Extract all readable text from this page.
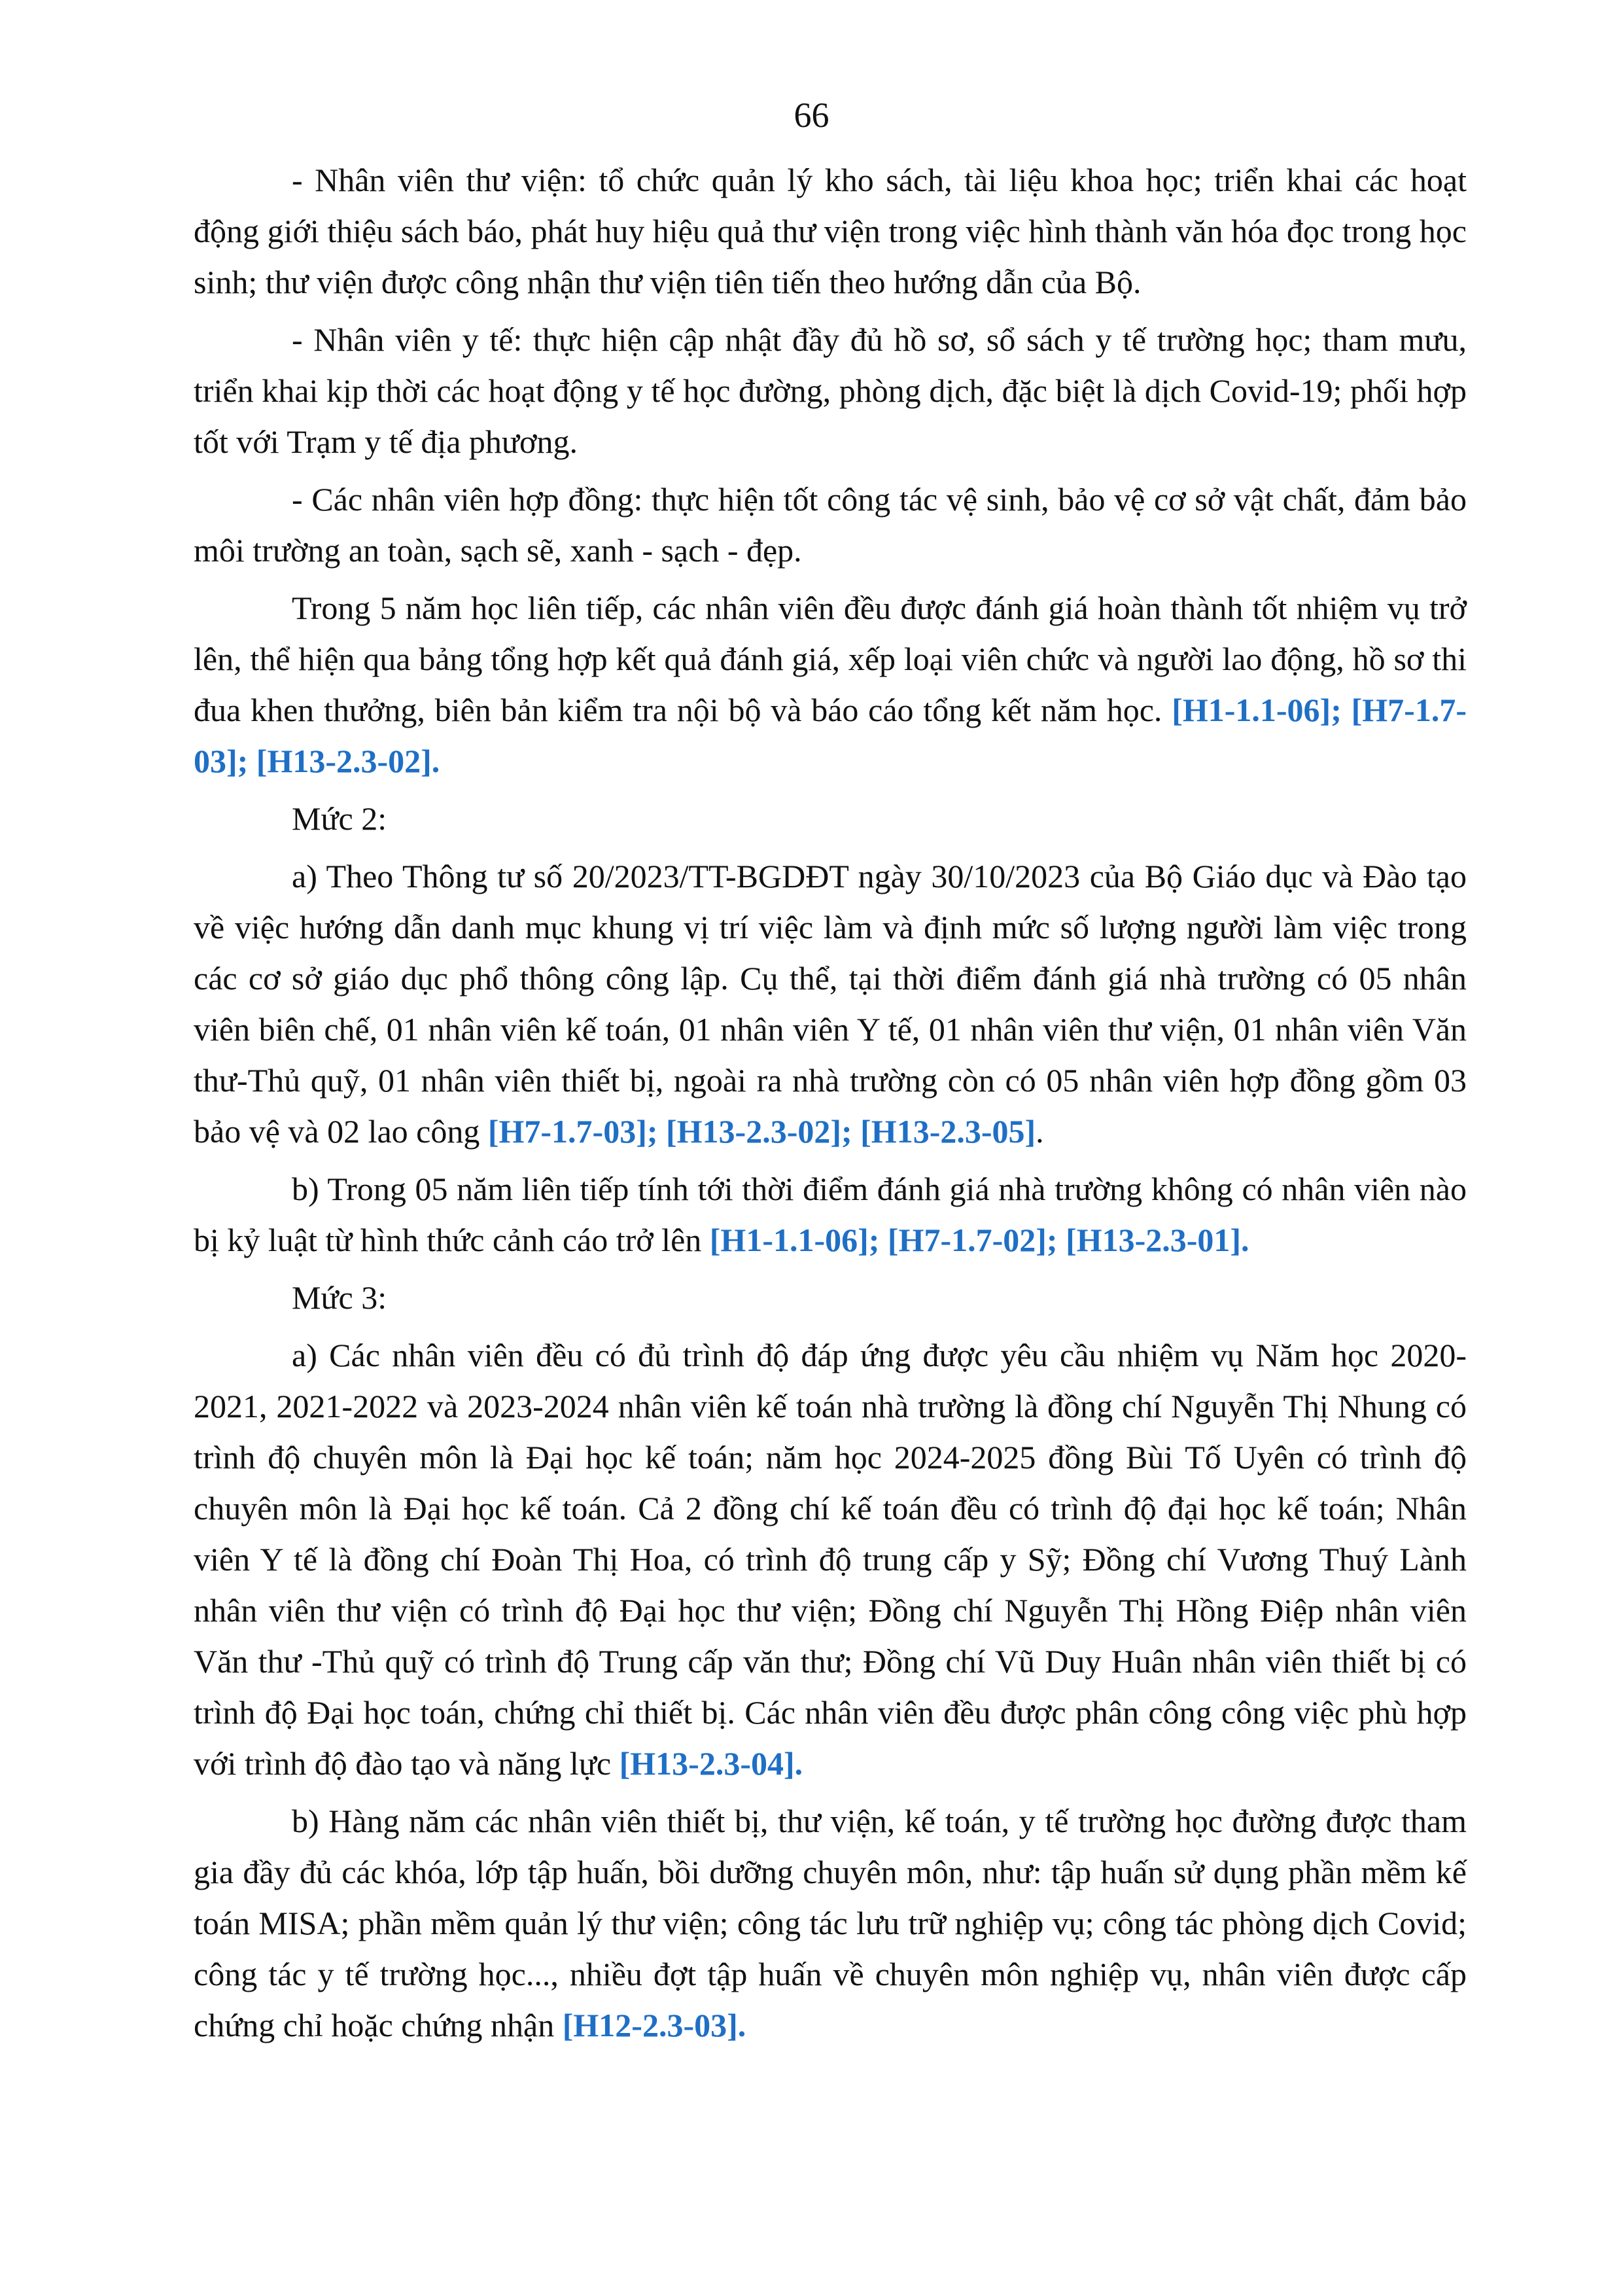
66

- Nhân viên thư viện: tổ chức quản lý kho sách, tài liệu khoa học; triển khai các hoạt động giới thiệu sách báo, phát huy hiệu quả thư viện trong việc hình thành văn hóa đọc trong học sinh; thư viện được công nhận thư viện tiên tiến theo hướng dẫn của Bộ.

- Nhân viên y tế: thực hiện cập nhật đầy đủ hồ sơ, sổ sách y tế trường học; tham mưu, triển khai kịp thời các hoạt động y tế học đường, phòng dịch, đặc biệt là dịch Covid-19; phối hợp tốt với Trạm y tế địa phương.

- Các nhân viên hợp đồng: thực hiện tốt công tác vệ sinh, bảo vệ cơ sở vật chất, đảm bảo môi trường an toàn, sạch sẽ, xanh - sạch - đẹp.

Trong 5 năm học liên tiếp, các nhân viên đều được đánh giá hoàn thành tốt nhiệm vụ trở lên, thể hiện qua bảng tổng hợp kết quả đánh giá, xếp loại viên chức và người lao động, hồ sơ thi đua khen thưởng, biên bản kiểm tra nội bộ và báo cáo tổng kết năm học. [H1-1.1-06]; [H7-1.7-03]; [H13-2.3-02].

Mức 2:

a) Theo Thông tư số 20/2023/TT-BGDĐT ngày 30/10/2023 của Bộ Giáo dục và Đào tạo về việc hướng dẫn danh mục khung vị trí việc làm và định mức số lượng người làm việc trong các cơ sở giáo dục phổ thông công lập. Cụ thể, tại thời điểm đánh giá nhà trường có 05 nhân viên biên chế, 01 nhân viên kế toán, 01 nhân viên Y tế, 01 nhân viên thư viện, 01 nhân viên Văn thư-Thủ quỹ, 01 nhân viên thiết bị, ngoài ra nhà trường còn có 05 nhân viên hợp đồng gồm 03 bảo vệ và 02 lao công [H7-1.7-03]; [H13-2.3-02]; [H13-2.3-05].

b) Trong 05 năm liên tiếp tính tới thời điểm đánh giá nhà trường không có nhân viên nào bị kỷ luật từ hình thức cảnh cáo trở lên [H1-1.1-06]; [H7-1.7-02]; [H13-2.3-01].

Mức 3:

a) Các nhân viên đều có đủ trình độ đáp ứng được yêu cầu nhiệm vụ Năm học 2020-2021, 2021-2022 và 2023-2024 nhân viên kế toán nhà trường là đồng chí Nguyễn Thị Nhung có trình độ chuyên môn là Đại học kế toán; năm học 2024-2025 đồng Bùi Tố Uyên có trình độ chuyên môn là Đại học kế toán. Cả 2 đồng chí kế toán đều có trình độ đại học kế toán; Nhân viên Y tế là đồng chí Đoàn Thị Hoa, có trình độ trung cấp y Sỹ; Đồng chí Vương Thuý Lành nhân viên thư viện có trình độ Đại học thư viện; Đồng chí Nguyễn Thị Hồng Điệp nhân viên Văn thư -Thủ quỹ có trình độ Trung cấp văn thư; Đồng chí Vũ Duy Huân nhân viên thiết bị có trình độ Đại học toán, chứng chỉ thiết bị. Các nhân viên đều được phân công công việc phù hợp với trình độ đào tạo và năng lực [H13-2.3-04].

b) Hàng năm các nhân viên thiết bị, thư viện, kế toán, y tế trường học đường được tham gia đầy đủ các khóa, lớp tập huấn, bồi dưỡng chuyên môn, như: tập huấn sử dụng phần mềm kế toán MISA; phần mềm quản lý thư viện; công tác lưu trữ nghiệp vụ; công tác phòng dịch Covid; công tác y tế trường học..., nhiều đợt tập huấn về chuyên môn nghiệp vụ, nhân viên được cấp chứng chỉ hoặc chứng nhận [H12-2.3-03].
